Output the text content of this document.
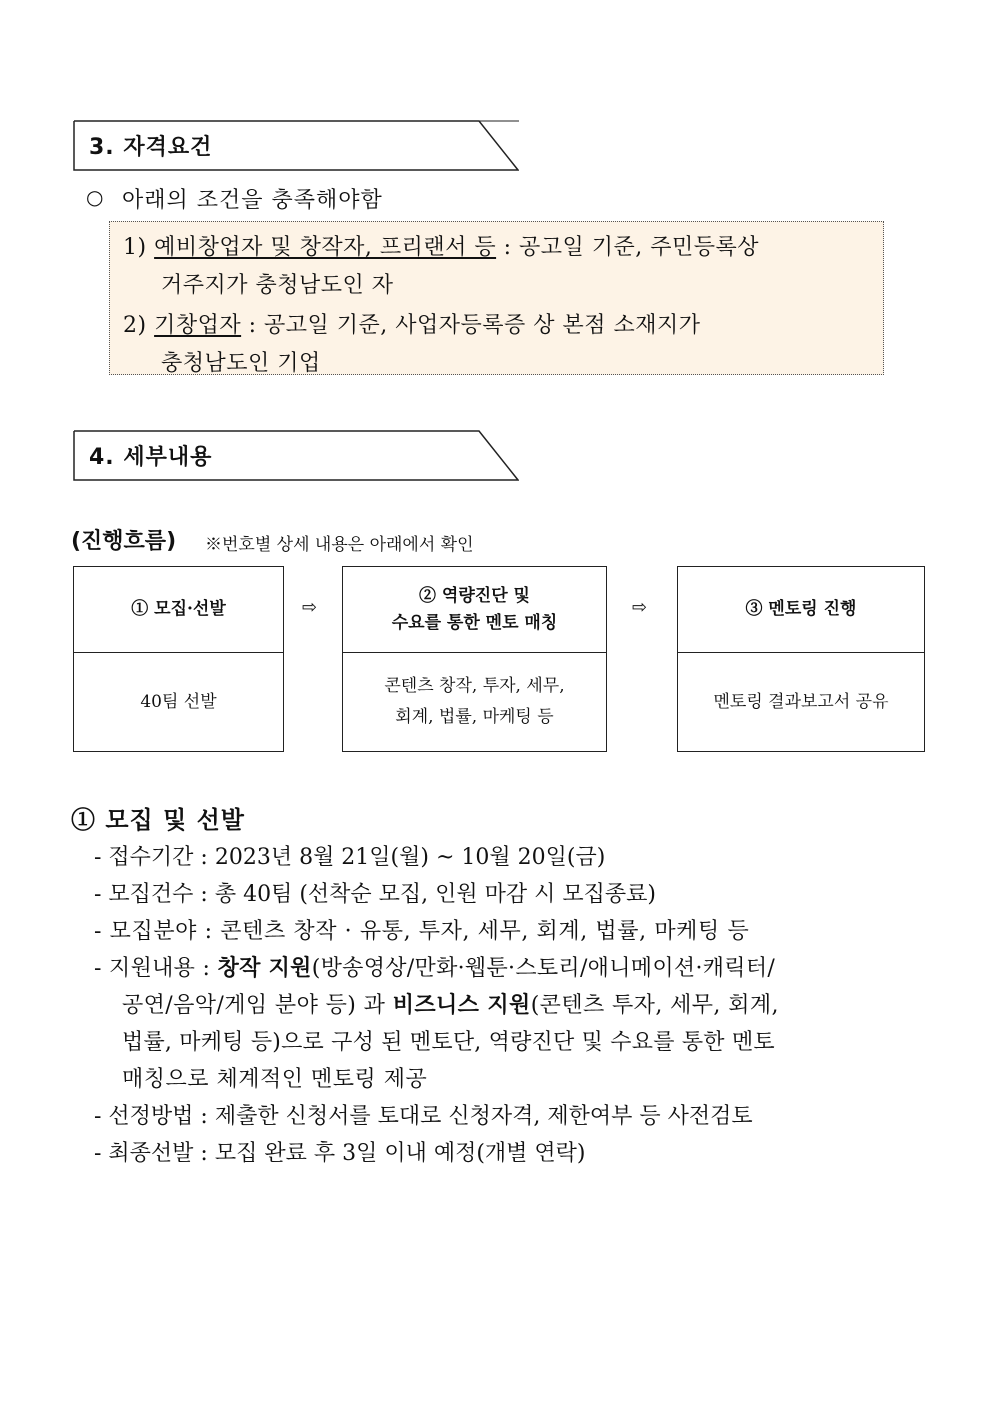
3. 자격요건
○ 아래의 조건을 충족해야함
1) 예비창업자 및 창작자, 프리랜서 등 : 공고일 기준, 주민등록상
거주지가 충청남도인 자
2) 기창업자 : 공고일 기준, 사업자등록증 상 본점 소재지가
충청남도인 기업
4. 세부내용
(진행흐름) ※번호별 상세 내용은 아래에서 확인
① 모집·선발
40팀 선발
⇨
② 역량진단 및
수요를 통한 멘토 매칭
콘텐츠 창작, 투자, 세무,
회계, 법률, 마케팅 등
⇨	③ 멘토링 진행
멘토링 결과보고서 공유
① 모집 및 선발
- 접수기간 : 2023년 8월 21일(월) ~ 10월 20일(금)
- 모집건수 : 총 40팀 (선착순 모집, 인원 마감 시 모집종료)
- 모집분야 : 콘텐츠 창작 · 유통, 투자, 세무, 회계, 법률, 마케팅 등
- 지원내용 : 창작 지원(방송영상/만화·웹툰·스토리/애니메이션·캐릭터/
공연/음악/게임 분야 등) 과 비즈니스 지원(콘텐츠 투자, 세무, 회계,
법률, 마케팅 등)으로 구성 된 멘토단, 역량진단 및 수요를 통한 멘토
매칭으로 체계적인 멘토링 제공
- 선정방법 : 제출한 신청서를 토대로 신청자격, 제한여부 등 사전검토
- 최종선발 : 모집 완료 후 3일 이내 예정(개별 연락)
